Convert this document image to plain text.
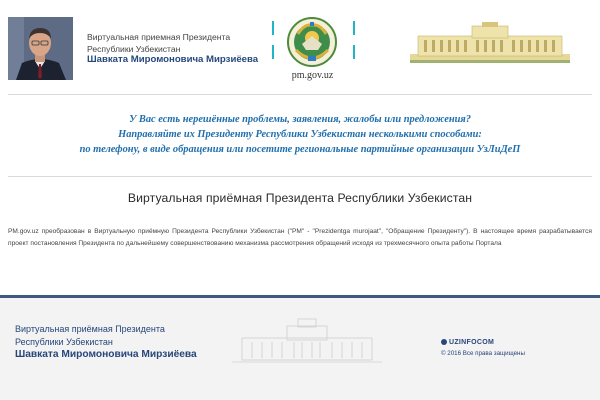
Виртуальная приемная Президента
Республики Узбекистан
Шавката Миромоновича Мирзиёева
pm.gov.uz
У Вас есть нерешённые проблемы, заявления, жалобы или предложения?
Направляйте их Президенту Республики Узбекистан несколькими способами:
по телефону, в виде обращения или посетите региональные партийные организации УзЛиДеП
Виртуальная приёмная Президента Республики Узбекистан
PM.gov.uz преобразован в Виртуальную приёмную Президента Республики Узбекистан ("PM" - "Prezidentga murojaat", "Обращение Президенту"). В настоящее время разрабатывается проект постановления Президента по дальнейшему совершенствованию механизма рассмотрения обращений исходя из трехмесячного опыта работы Портала
Виртуальная приёмная Президента
Республики Узбекистан
Шавката Миромоновича Мирзиёева
UZINFOCOM
© 2016 Все права защищены
